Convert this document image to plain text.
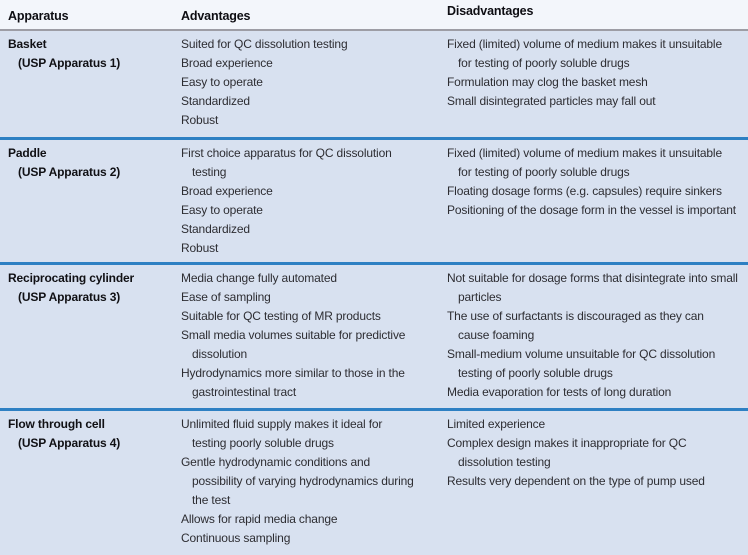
Apparatus	Advantages	Disadvantages
Basket
(USP Apparatus 1)
Suited for QC dissolution testing
Broad experience
Easy to operate
Standardized
Robust
Fixed (limited) volume of medium makes it unsuitable for testing of poorly soluble drugs
Formulation may clog the basket mesh
Small disintegrated particles may fall out
Paddle
(USP Apparatus 2)
First choice apparatus for QC dissolution testing
Broad experience
Easy to operate
Standardized
Robust
Fixed (limited) volume of medium makes it unsuitable for testing of poorly soluble drugs
Floating dosage forms (e.g. capsules) require sinkers
Positioning of the dosage form in the vessel is important
Reciprocating cylinder
(USP Apparatus 3)
Media change fully automated
Ease of sampling
Suitable for QC testing of MR products
Small media volumes suitable for predictive dissolution
Hydrodynamics more similar to those in the gastrointestinal tract
Not suitable for dosage forms that disintegrate into small particles
The use of surfactants is discouraged as they can cause foaming
Small-medium volume unsuitable for QC dissolution testing of poorly soluble drugs
Media evaporation for tests of long duration
Flow through cell
(USP Apparatus 4)
Unlimited fluid supply makes it ideal for testing poorly soluble drugs
Gentle hydrodynamic conditions and possibility of varying hydrodynamics during the test
Allows for rapid media change
Continuous sampling
Limited experience
Complex design makes it inappropriate for QC dissolution testing
Results very dependent on the type of pump used
